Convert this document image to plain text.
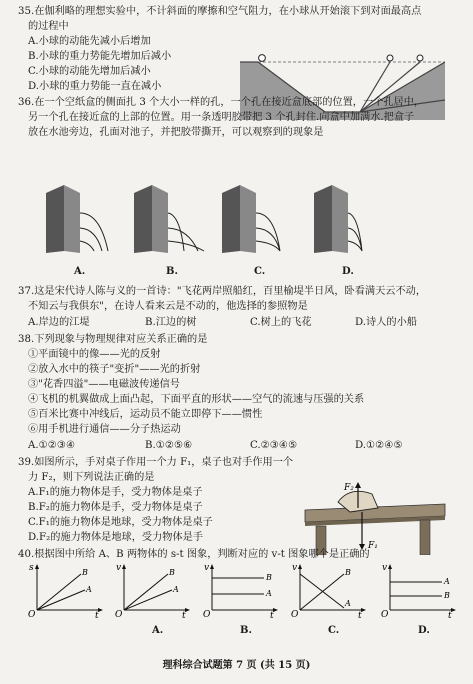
35.在伽利略的理想实验中，不计斜面的摩擦和空气阻力，在小球从开始滚下到对面最高点
的过程中
A.小球的动能先减小后增加
B.小球的重力势能先增加后减小
C.小球的动能先增加后减小
D.小球的重力势能一直在减小
36.在一个空纸盒的侧面扎 3 个大小一样的孔，一个孔在接近盒底部的位置，一个孔居中，
另一个孔在接近盒的上部的位置。用一条透明胶带把 3 个孔封住.向盒中加满水.把盒子
放在水池旁边，孔面对池子，并把胶带撕开，可以观察到的现象是
A.	B.	C.	D.
37.这是宋代诗人陈与义的一首诗："飞花两岸照船红，百里榆堤半日风，卧看满天云不动，
不知云与我俱东"，在诗人看来云是不动的，他选择的参照物是
A.岸边的江堤	B.江边的树	C.树上的飞花	D.诗人的小船
38.下列现象与物理规律对应关系正确的是
①平面镜中的像——光的反射
②放入水中的筷子"变折"——光的折射
③"花香四溢"——电磁波传递信号
④飞机的机翼做成上面凸起，下面平直的形状——空气的流速与压强的关系
⑤百米比赛中冲线后，运动员不能立即停下——惯性
⑥用手机进行通信——分子热运动
A.①②③④	B.①②⑤⑥	C.②③④⑤	D.①②④⑤
39.如图所示，手对桌子作用一个力 F₁，桌子也对手作用一个
力 F₂，则下列说法正确的是
A.F₁的施力物体是手，受力物体是桌子
B.F₂的施力物体是手，受力物体是桌子
C.F₁的施力物体是地球，受力物体是桌子
D.F₂的施力物体是地球，受力物体是手
F₂
F₁
40.根据图中所给 A、B 两物体的 s-t 图象，判断对应的 v-t 图象哪个是正确的
s
t
O
B
A
v
t
O
B
A
v
t
O
B
A
v
t
O
B
A
v
t
O
A
B
A.	B.	C.	D.
理科综合试题第 7 页 (共 15 页)
